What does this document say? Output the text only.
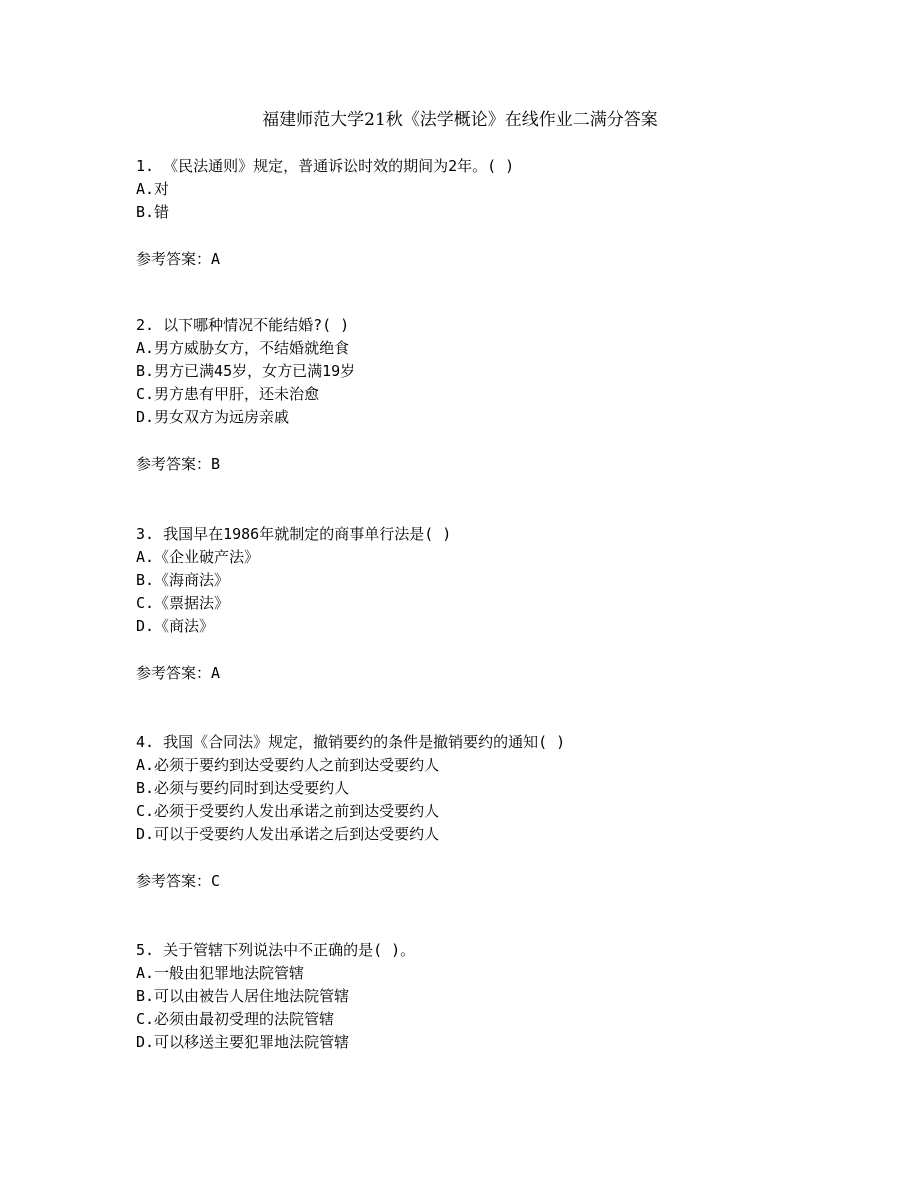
福建师范大学21秋《法学概论》在线作业二满分答案
1. 《民法通则》规定，普通诉讼时效的期间为2年。( )
A.对
B.错
参考答案：A
2. 以下哪种情况不能结婚?( )
A.男方威胁女方，不结婚就绝食
B.男方已满45岁，女方已满19岁
C.男方患有甲肝，还未治愈
D.男女双方为远房亲戚
参考答案：B
3. 我国早在1986年就制定的商事单行法是( )
A.《企业破产法》
B.《海商法》
C.《票据法》
D.《商法》
参考答案：A
4. 我国《合同法》规定，撤销要约的条件是撤销要约的通知( )
A.必须于要约到达受要约人之前到达受要约人
B.必须与要约同时到达受要约人
C.必须于受要约人发出承诺之前到达受要约人
D.可以于受要约人发出承诺之后到达受要约人
参考答案：C
5. 关于管辖下列说法中不正确的是( )。
A.一般由犯罪地法院管辖
B.可以由被告人居住地法院管辖
C.必须由最初受理的法院管辖
D.可以移送主要犯罪地法院管辖
